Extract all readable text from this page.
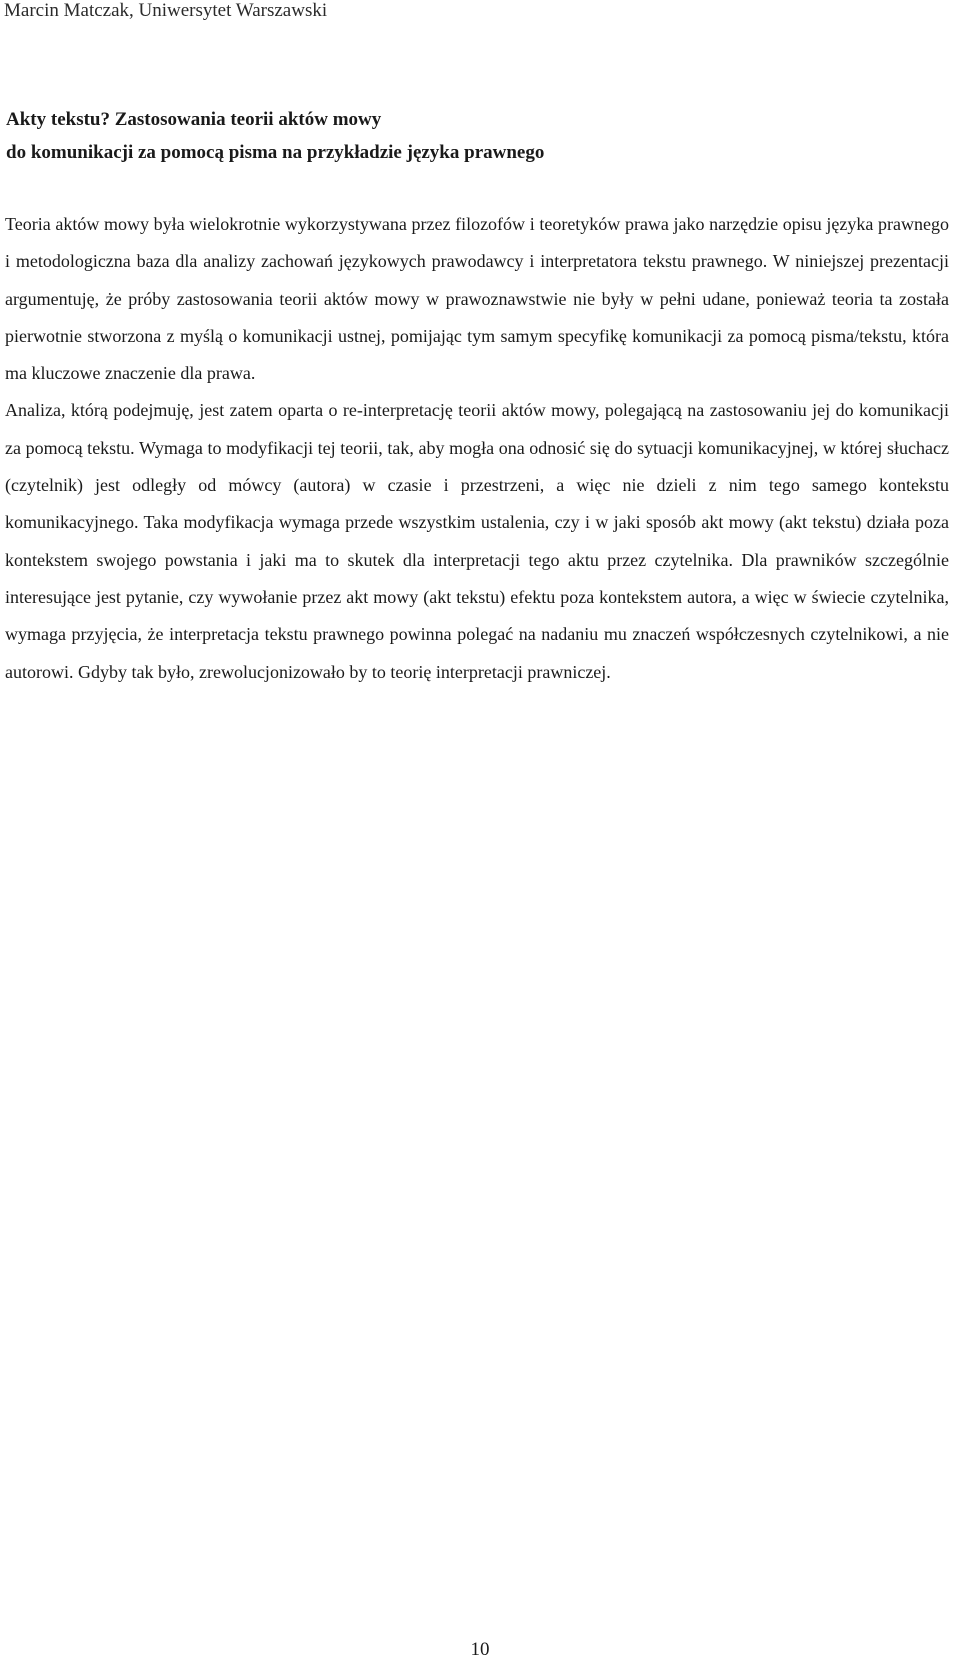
Marcin Matczak, Uniwersytet Warszawski
Akty tekstu? Zastosowania teorii aktów mowy
do komunikacji za pomocą pisma na przykładzie języka prawnego

Teoria aktów mowy była wielokrotnie wykorzystywana przez filozofów i teoretyków prawa jako narzędzie opisu języka prawnego i metodologiczna baza dla analizy zachowań językowych prawodawcy i interpretatora tekstu prawnego. W niniejszej prezentacji argumentuję, że próby zastosowania teorii aktów mowy w prawoznawstwie nie były w pełni udane, ponieważ teoria ta została pierwotnie stworzona z myślą o komunikacji ustnej, pomijając tym samym specyfikę komunikacji za pomocą pisma/tekstu, która ma kluczowe znaczenie dla prawa.

Analiza, którą podejmuję, jest zatem oparta o re-interpretację teorii aktów mowy, polegającą na zastosowaniu jej do komunikacji za pomocą tekstu. Wymaga to modyfikacji tej teorii, tak, aby mogła ona odnosić się do sytuacji komunikacyjnej, w której słuchacz (czytelnik) jest odległy od mówcy (autora) w czasie i przestrzeni, a więc nie dzieli z nim tego samego kontekstu komunikacyjnego. Taka modyfikacja wymaga przede wszystkim ustalenia, czy i w jaki sposób akt mowy (akt tekstu) działa poza kontekstem swojego powstania i jaki ma to skutek dla interpretacji tego aktu przez czytelnika. Dla prawników szczególnie interesujące jest pytanie, czy wywołanie przez akt mowy (akt tekstu) efektu poza kontekstem autora, a więc w świecie czytelnika, wymaga przyjęcia, że interpretacja tekstu prawnego powinna polegać na nadaniu mu znaczeń współczesnych czytelnikowi, a nie autorowi. Gdyby tak było, zrewolucjonizowało by to teorię interpretacji prawniczej.

10
